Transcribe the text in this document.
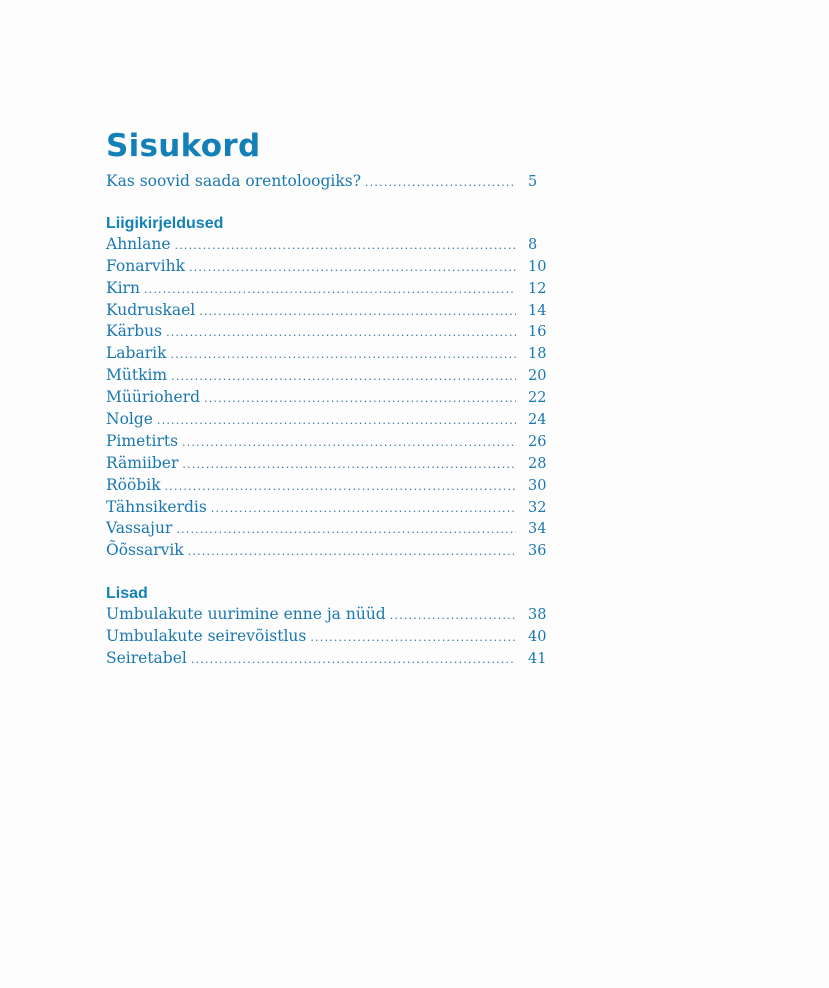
Sisukord
Kas soovid saada orentoloogiks? .....	5
Liigikirjeldused
Ahnlane .....	8
Fonarvihk .....	10
Kirn .....	12
Kudruskael .....	14
Kärbus .....	16
Labarik .....	18
Mütkim .....	20
Müürioherd .....	22
Nolge .....	24
Pimetirts .....	26
Rämiiber .....	28
Rööbik .....	30
Tähnsikerdis .....	32
Vassajur .....	34
Õõssarvik .....	36
Lisad
Umbulakute uurimine enne ja nüüd .....	38
Umbulakute seirevõistlus .....	40
Seiretabel .....	41
